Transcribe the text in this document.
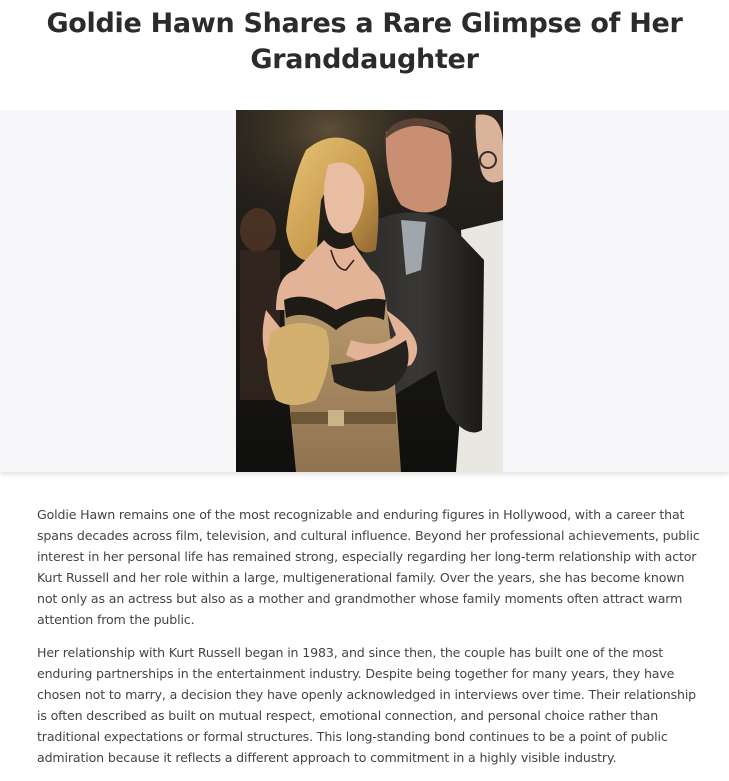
Goldie Hawn Shares a Rare Glimpse of Her Granddaughter

Goldie Hawn remains one of the most recognizable and enduring figures in Hollywood, with a career that spans decades across film, television, and cultural influence. Beyond her professional achievements, public interest in her personal life has remained strong, especially regarding her long-term relationship with actor Kurt Russell and her role within a large, multigenerational family. Over the years, she has become known not only as an actress but also as a mother and grandmother whose family moments often attract warm attention from the public.

Her relationship with Kurt Russell began in 1983, and since then, the couple has built one of the most enduring partnerships in the entertainment industry. Despite being together for many years, they have chosen not to marry, a decision they have openly acknowledged in interviews over time. Their relationship is often described as built on mutual respect, emotional connection, and personal choice rather than traditional expectations or formal structures. This long-standing bond continues to be a point of public admiration because it reflects a different approach to commitment in a highly visible industry.
